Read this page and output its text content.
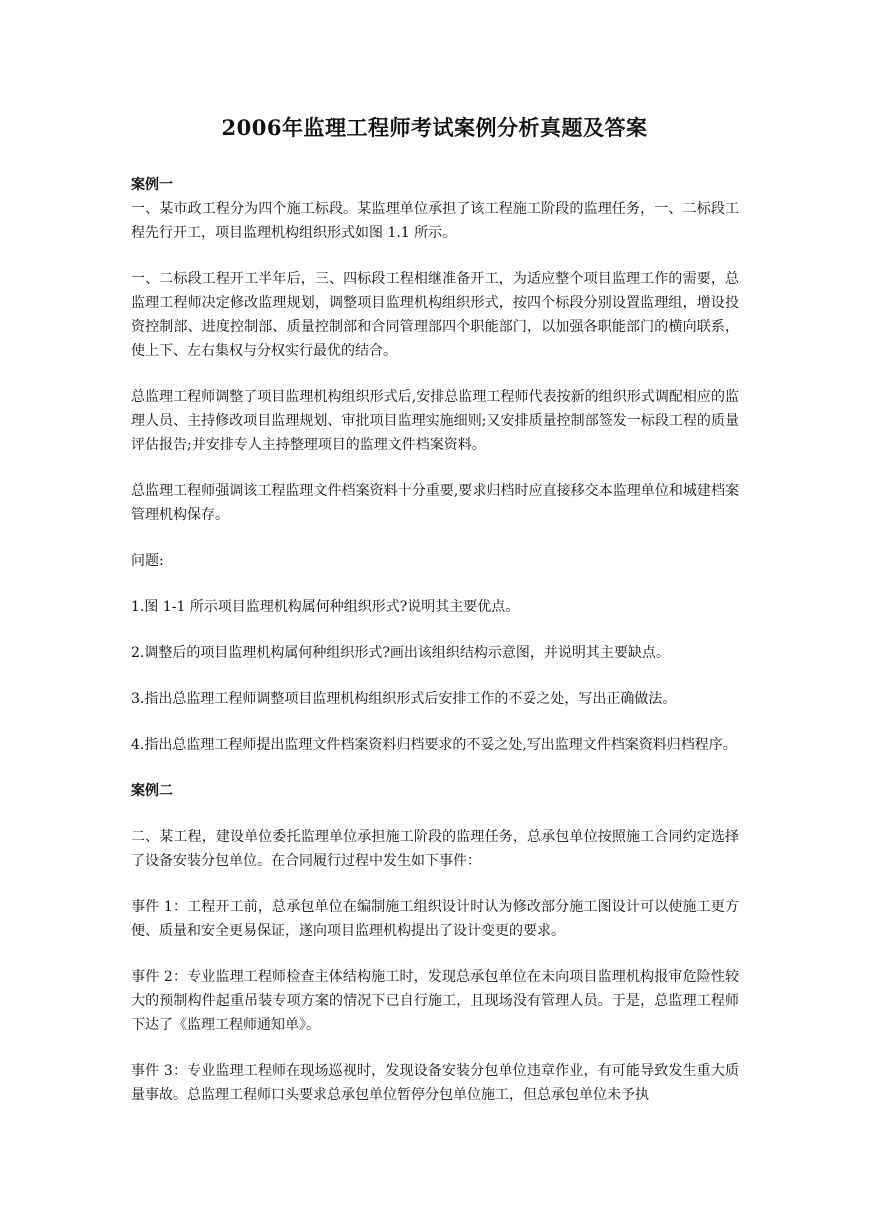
2006年监理工程师考试案例分析真题及答案

案例一

一、某市政工程分为四个施工标段。某监理单位承担了该工程施工阶段的监理任务，一、二标段工程先行开工，项目监理机构组织形式如图 1.1 所示。

一、二标段工程开工半年后，三、四标段工程相继准备开工，为适应整个项目监理工作的需要，总监理工程师决定修改监理规划，调整项目监理机构组织形式，按四个标段分别设置监理组，增设投资控制部、进度控制部、质量控制部和合同管理部四个职能部门，以加强各职能部门的横向联系，使上下、左右集权与分权实行最优的结合。

总监理工程师调整了项目监理机构组织形式后,安排总监理工程师代表按新的组织形式调配相应的监理人员、主持修改项目监理规划、审批项目监理实施细则;又安排质量控制部签发一标段工程的质量评估报告;并安排专人主持整理项目的监理文件档案资料。

总监理工程师强调该工程监理文件档案资料十分重要,要求归档时应直接移交本监理单位和城建档案管理机构保存。

问题:

1.图 1-1 所示项目监理机构属何种组织形式?说明其主要优点。

2.调整后的项目监理机构属何种组织形式?画出该组织结构示意图，并说明其主要缺点。

3.指出总监理工程师调整项目监理机构组织形式后安排工作的不妥之处，写出正确做法。

4.指出总监理工程师提出监理文件档案资料归档要求的不妥之处,写出监理文件档案资料归档程序。

案例二

二、某工程，建设单位委托监理单位承担施工阶段的监理任务，总承包单位按照施工合同约定选择了设备安装分包单位。在合同履行过程中发生如下事件：

事件 1：工程开工前，总承包单位在编制施工组织设计时认为修改部分施工图设计可以使施工更方便、质量和安全更易保证，遂向项目监理机构提出了设计变更的要求。

事件 2：专业监理工程师检查主体结构施工时，发现总承包单位在未向项目监理机构报审危险性较大的预制构件起重吊装专项方案的情况下已自行施工，且现场没有管理人员。于是，总监理工程师下达了《监理工程师通知单》。

事件 3：专业监理工程师在现场巡视时，发现设备安装分包单位违章作业，有可能导致发生重大质量事故。总监理工程师口头要求总承包单位暂停分包单位施工，但总承包单位未予执
